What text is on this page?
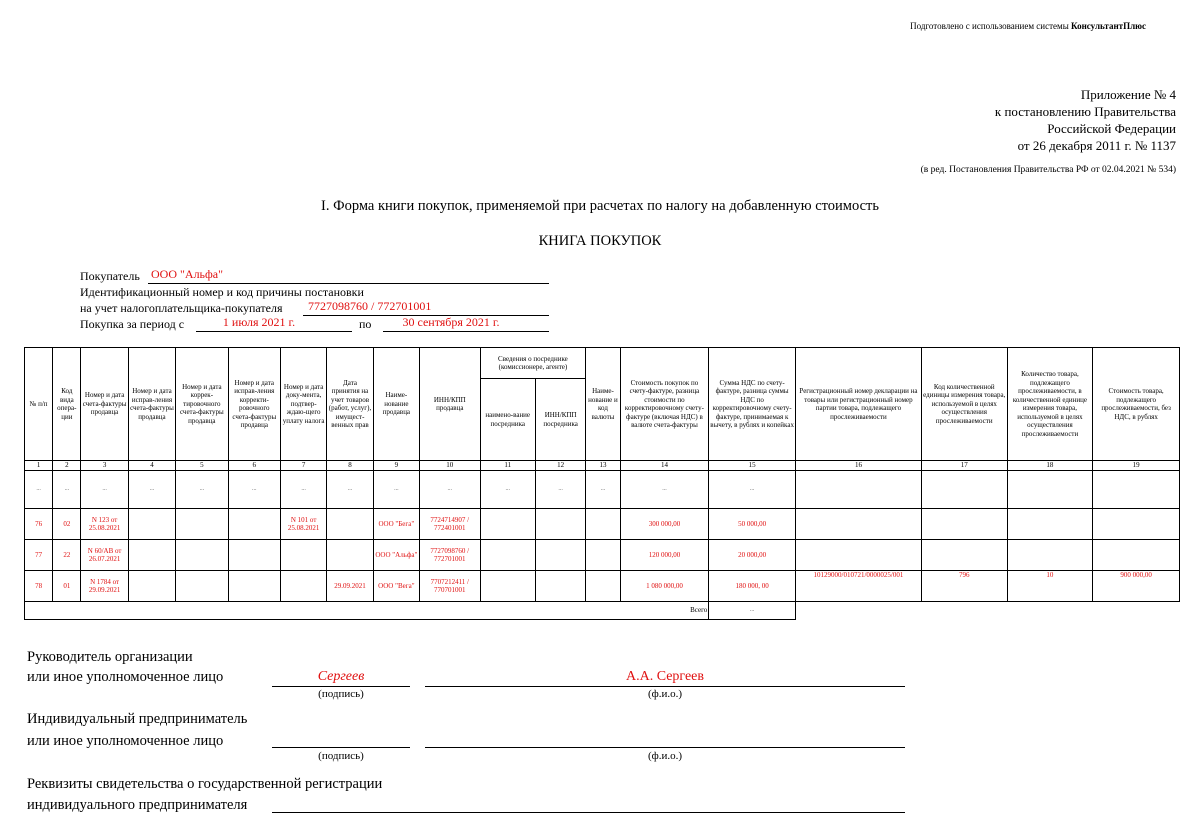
Подготовлено с использованием системы КонсультантПлюс
Приложение № 4
к постановлению Правительства
Российской Федерации
от 26 декабря 2011 г. № 1137
(в ред. Постановления Правительства РФ от 02.04.2021 № 534)
I. Форма книги покупок, применяемой при расчетах по налогу на добавленную стоимость
КНИГА ПОКУПОК
Покупатель ООО "Альфа"
Идентификационный номер и код причины постановки
на учет налогоплательщика-покупателя 7727098760 / 772701001
Покупка за период с	1 июля 2021 г.	по	30 сентября 2021 г.
№ п/п	Код вида опера-ции	Номер и дата счета-фактуры продавца	Номер и дата исправ-ления счета-фактуры продавца	Номер и дата коррек-тировочного счета-фактуры продавца	Номер и дата исправ-ления корректи-ровочного счета-фактуры продавца	Номер и дата доку-мента, подтвер-ждаю-щего уплату налога	Дата принятия на учет товаров (работ, услуг), имущест-венных прав	Наиме-нование продавца	ИНН/КПП продавца	Сведения о посреднике (комиссионере, агенте)		Наиме-нование и код валюты	Стоимость покупок по счету-фактуре, разница стоимости по корректировочному счету-фактуре (включая НДС) в валюте счета-фактуры	Сумма НДС по счету-фактуре, разница суммы НДС по корректировочному счету-фактуре, принимаемая к вычету, в рублях и копейках	Регистрационный номер декларации на товары или регистрационный номер партии товара, подлежащего прослеживаемости	Код количественной единицы измерения товара, используемой в целях осуществления прослеживаемости	Количество товара, подлежащего прослеживаемости, в количественной единице измерения товара, используемой в целях осуществления прослеживаемости	Стоимость товара, подлежащего прослеживаемости, без НДС, в рублях
										наимено-вание посредника	ИНН/КПП посредника							
1	2	3	4	5	6	7	8	9	10	11	12	13	14	15	16	17	18	19
...	...	...	...	...	...	...	...	...	...	...	...	...	...	...				
76	02	N 123 от 25.08.2021				N 101 от 25.08.2021		ООО "Бега"	7724714907 / 772401001				300 000,00	50 000,00				
77	22	N 60/АВ от 26.07.2021						ООО "Альфа"	7727098760 / 772701001				120 000,00	20 000,00				
78	01	N 1784 от 29.09.2021					29.09.2021	ООО "Вега"	7707212411 / 770701001				1 080 000,00	180 000, 00	10129000/010721/0000025/001	796	10	900 000,00
Всего														...				
Руководитель организации
или иное уполномоченное лицо	Сергеев	А.А. Сергеев
(подпись)	(ф.и.о.)
Индивидуальный предприниматель
или иное уполномоченное лицо
(подпись)	(ф.и.о.)
Реквизиты свидетельства о государственной регистрации
индивидуального предпринимателя
